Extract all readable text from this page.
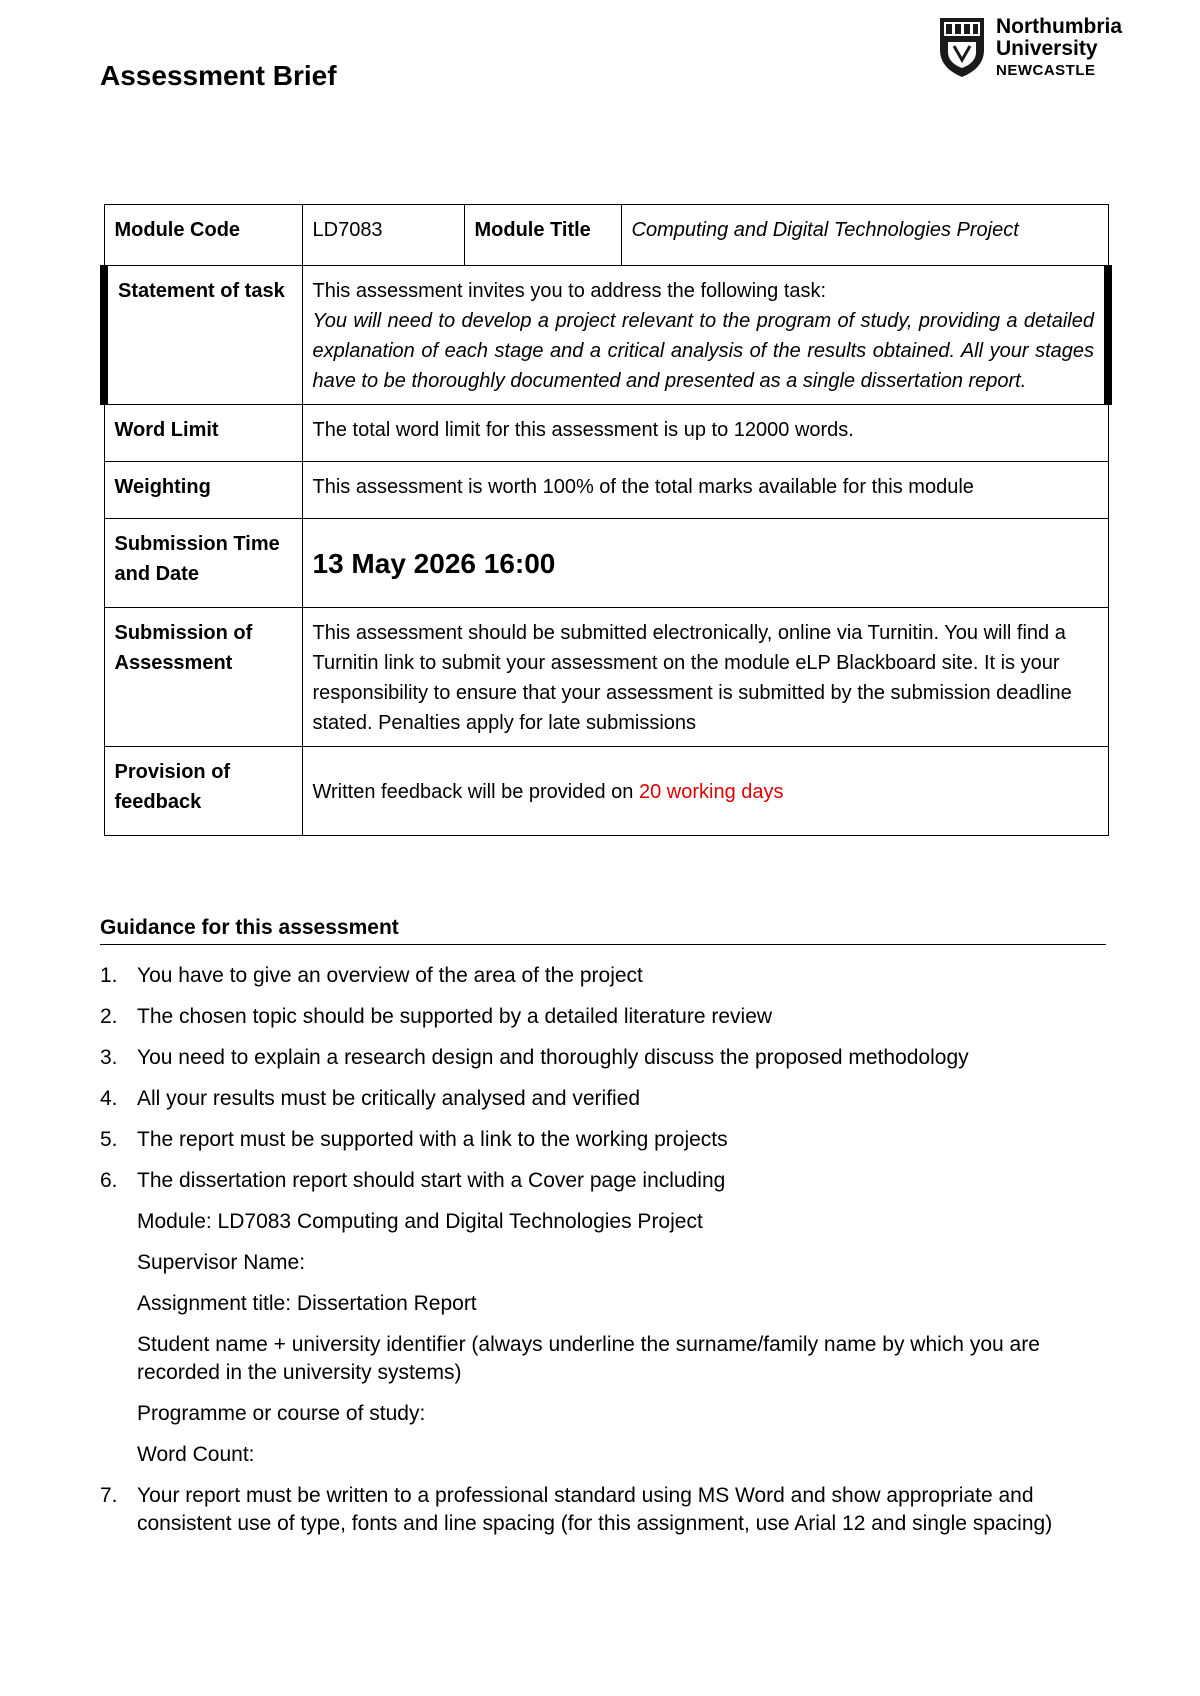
Assessment Brief
Northumbria
University
NEWCASTLE
Module Code	LD7083	Module Title	Computing and Digital Technologies Project
Statement of task	This assessment invites you to address the following task:
You will need to develop a project relevant to the program of study, providing a detailed explanation of each stage and a critical analysis of the results obtained. All your stages have to be thoroughly documented and presented as a single dissertation report.		

Word Limit	The total word limit for this assessment is up to 12000 words.		
Weighting	This assessment is worth 100% of the total marks available for this module		
Submission Time and Date	13 May 2026 16:00		
Submission of Assessment	This assessment should be submitted electronically, online via Turnitin. You will find a Turnitin link to submit your assessment on the module eLP Blackboard site. It is your responsibility to ensure that your assessment is submitted by the submission deadline stated. Penalties apply for late submissions		
Provision of feedback	Written feedback will be provided on 20 working days		
Guidance for this assessment
1. You have to give an overview of the area of the project
2. The chosen topic should be supported by a detailed literature review
3. You need to explain a research design and thoroughly discuss the proposed methodology
4. All your results must be critically analysed and verified
5. The report must be supported with a link to the working projects
6. The dissertation report should start with a Cover page including
Module: LD7083 Computing and Digital Technologies Project
Supervisor Name:
Assignment title: Dissertation Report
Student name + university identifier (always underline the surname/family name by which you are recorded in the university systems)
Programme or course of study:
Word Count:
7. Your report must be written to a professional standard using MS Word and show appropriate and consistent use of type, fonts and line spacing (for this assignment, use Arial 12 and single spacing)
